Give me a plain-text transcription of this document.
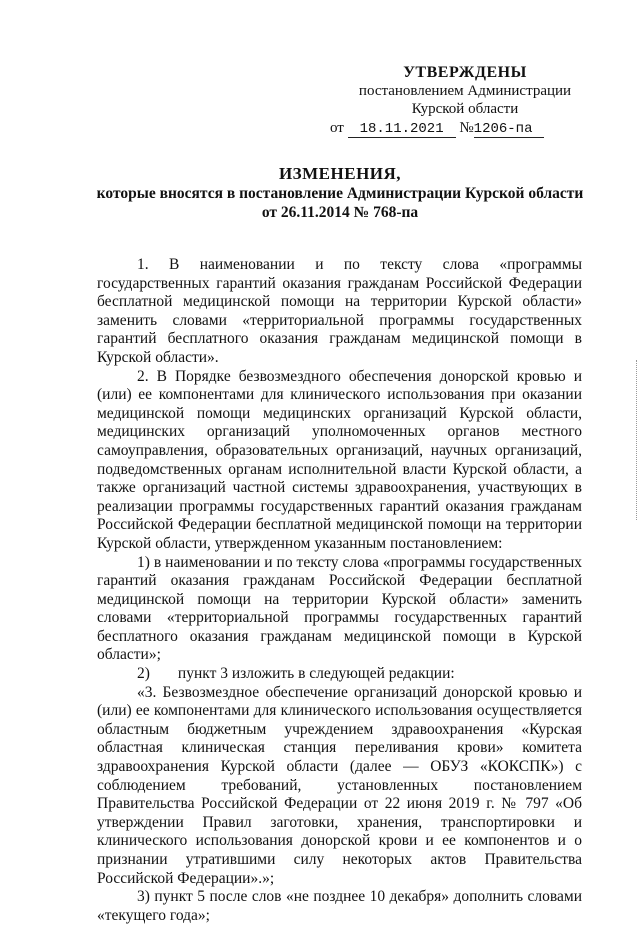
УТВЕРЖДЕНЫ
постановлением Администрации
Курской области
от 18.11.2021 №1206-па
ИЗМЕНЕНИЯ,
которые вносятся в постановление Администрации Курской области
от 26.11.2014 № 768-па

1. В наименовании и по тексту слова «программы государственных гарантий оказания гражданам Российской Федерации бесплатной медицинской помощи на территории Курской области» заменить словами «территориальной программы государственных гарантий бесплатного оказания гражданам медицинской помощи в Курской области».

2. В Порядке безвозмездного обеспечения донорской кровью и (или) ее компонентами для клинического использования при оказании медицинской помощи медицинских организаций Курской области, медицинских организаций уполномоченных органов местного самоуправления, образовательных организаций, научных организаций, подведомственных органам исполнительной власти Курской области, а также организаций частной системы здравоохранения, участвующих в реализации программы государственных гарантий оказания гражданам Российской Федерации бесплатной медицинской помощи на территории Курской области, утвержденном указанным постановлением:

1) в наименовании и по тексту слова «программы государственных гарантий оказания гражданам Российской Федерации бесплатной медицинской помощи на территории Курской области» заменить словами «территориальной программы государственных гарантий бесплатного оказания гражданам медицинской помощи в Курской области»;

2) пункт 3 изложить в следующей редакции:

«3. Безвозмездное обеспечение организаций донорской кровью и (или) ее компонентами для клинического использования осуществляется областным бюджетным учреждением здравоохранения «Курская областная клиническая станция переливания крови» комитета здравоохранения Курской области (далее — ОБУЗ «КОКСПК») с соблюдением требований, установленных постановлением Правительства Российской Федерации от 22 июня 2019 г. № 797 «Об утверждении Правил заготовки, хранения, транспортировки и клинического использования донорской крови и ее компонентов и о признании утратившими силу некоторых актов Правительства Российской Федерации».»;

3) пункт 5 после слов «не позднее 10 декабря» дополнить словами «текущего года»;
